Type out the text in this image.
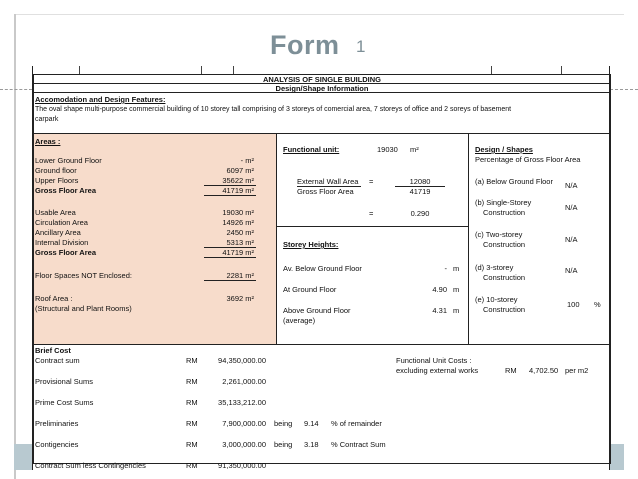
Form 1
ANALYSIS OF SINGLE BUILDING
Design/Shape Information
Accomodation and Design Features:
The oval shape multi-purpose commercial building of 10 storey tall comprising of 3 storeys of comercial area, 7 storeys of office and 2 soreys of basement
carpark
Areas :
Lower Ground Floor	- m²
Ground floor	6097 m²
Upper Floors	35622 m²
Gross Floor Area	41719 m²
Usable Area	19030 m²
Circulation Area	14926 m²
Ancillary Area	2450 m²
Internal Division	5313 m²
Gross Floor Area	41719 m²
Floor Spaces NOT Enclosed:	2281 m²
Roof Area :	3692 m²
(Structural and Plant Rooms)
Functional unit:	19030 m²
External Wall Area =	12080
Gross Floor Area	41719
=	0.290
Storey Heights:
Av. Below Ground Floor	- m
At Ground Floor	4.90 m
Above Ground Floor	4.31 m
(average)
Design / Shapes
Percentage of Gross Floor Area
(a) Below Ground Floor N/A
(b) Single-Storey
Construction
N/A
(c) Two-storey
Construction
N/A
(d) 3-storey
Construction
N/A
(e) 10-storey
Construction
100 %
Brief Cost
Contract sum	RM	94,350,000.00
Provisional Sums	RM	2,261,000.00
Prime Cost Sums	RM	35,133,212.00
Preliminaries	RM	7,900,000.00 being 9.14 % of remainder
Contigencies	RM	3,000,000.00 being 3.18 % Contract Sum
Contract Sum less Contingencies	RM	91,350,000.00
Functional Unit Costs :
excluding external works	RM 4,702.50 per m2
